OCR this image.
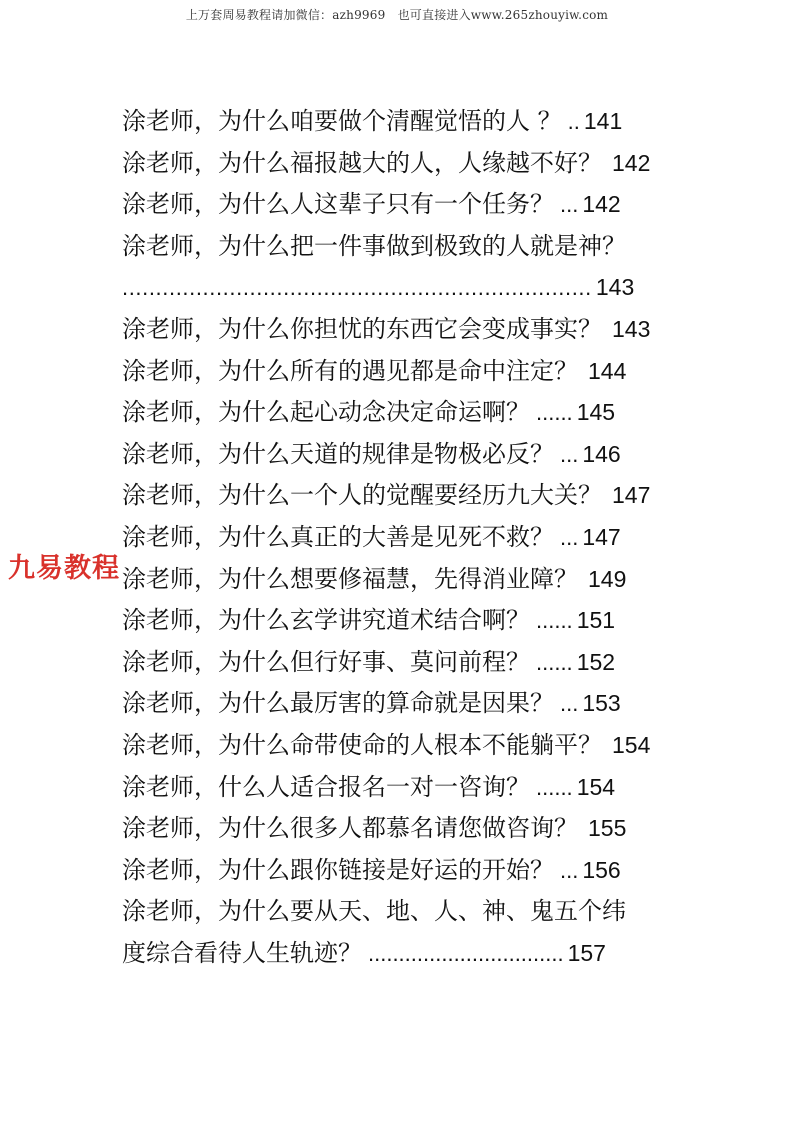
上万套周易教程请加微信：azh9969　也可直接进入www.265zhouyiw.com
涂老师，为什么咱要做个清醒觉悟的人 ？ .. 141
涂老师，为什么福报越大的人，人缘越不好？ 142
涂老师，为什么人这辈子只有一个任务？ ... 142
涂老师，为什么把一件事做到极致的人就是神？
...................................................................... 143
涂老师，为什么你担忧的东西它会变成事实？ 143
涂老师，为什么所有的遇见都是命中注定？ 144
涂老师，为什么起心动念决定命运啊？ ...... 145
涂老师，为什么天道的规律是物极必反？ ... 146
涂老师，为什么一个人的觉醒要经历九大关？ 147
涂老师，为什么真正的大善是见死不救？ ... 147
涂老师，为什么想要修福慧，先得消业障？ 149
涂老师，为什么玄学讲究道术结合啊？ ...... 151
涂老师，为什么但行好事、莫问前程？ ...... 152
涂老师，为什么最厉害的算命就是因果？ ... 153
涂老师，为什么命带使命的人根本不能躺平？ 154
涂老师，什么人适合报名一对一咨询？ ...... 154
涂老师，为什么很多人都慕名请您做咨询？ 155
涂老师，为什么跟你链接是好运的开始？ ... 156
涂老师，为什么要从天、地、人、神、鬼五个纬
度综合看待人生轨迹？ ................................ 157
九易教程
